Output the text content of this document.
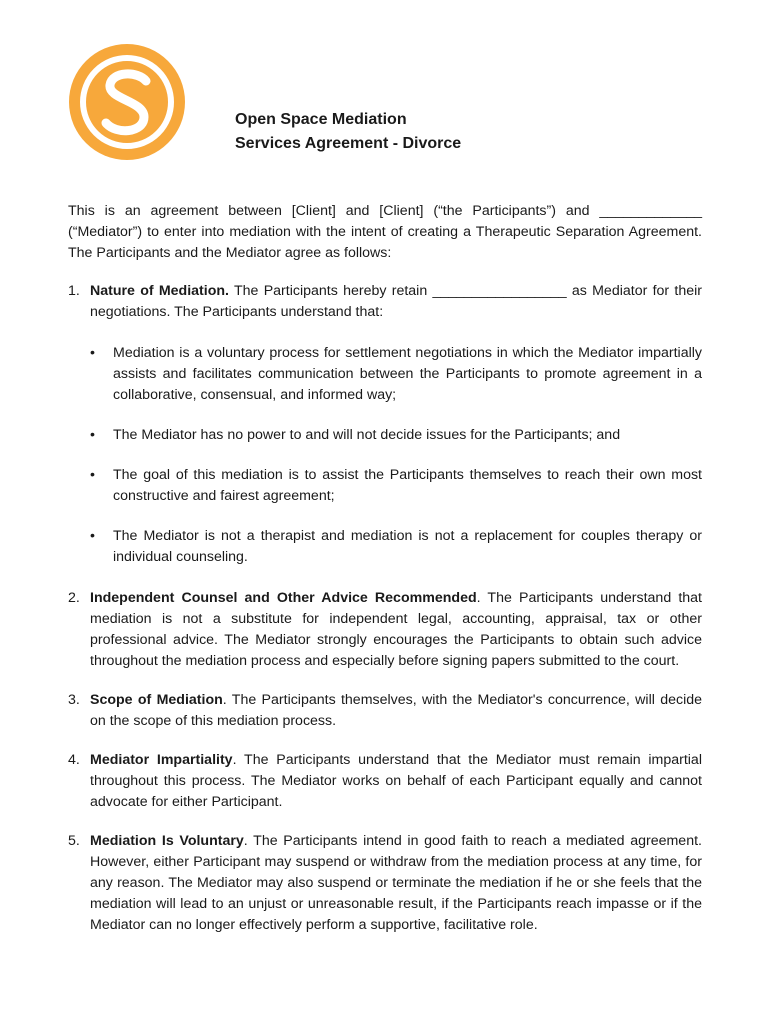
Open Space Mediation
Services Agreement - Divorce
This is an agreement between [Client] and [Client] (“the Participants”) and _____________ (“Mediator”) to enter into mediation with the intent of creating a Therapeutic Separation Agreement. The Participants and the Mediator agree as follows:
1. Nature of Mediation. The Participants hereby retain _________________ as Mediator for their negotiations. The Participants understand that:
• Mediation is a voluntary process for settlement negotiations in which the Mediator impartially assists and facilitates communication between the Participants to promote agreement in a collaborative, consensual, and informed way;
• The Mediator has no power to and will not decide issues for the Participants; and
• The goal of this mediation is to assist the Participants themselves to reach their own most constructive and fairest agreement;
• The Mediator is not a therapist and mediation is not a replacement for couples therapy or individual counseling.
2. Independent Counsel and Other Advice Recommended. The Participants understand that mediation is not a substitute for independent legal, accounting, appraisal, tax or other professional advice. The Mediator strongly encourages the Participants to obtain such advice throughout the mediation process and especially before signing papers submitted to the court.
3. Scope of Mediation. The Participants themselves, with the Mediator's concurrence, will decide on the scope of this mediation process.
4. Mediator Impartiality. The Participants understand that the Mediator must remain impartial throughout this process. The Mediator works on behalf of each Participant equally and cannot advocate for either Participant.
5. Mediation Is Voluntary. The Participants intend in good faith to reach a mediated agreement. However, either Participant may suspend or withdraw from the mediation process at any time, for any reason. The Mediator may also suspend or terminate the mediation if he or she feels that the mediation will lead to an unjust or unreasonable result, if the Participants reach impasse or if the Mediator can no longer effectively perform a supportive, facilitative role.
